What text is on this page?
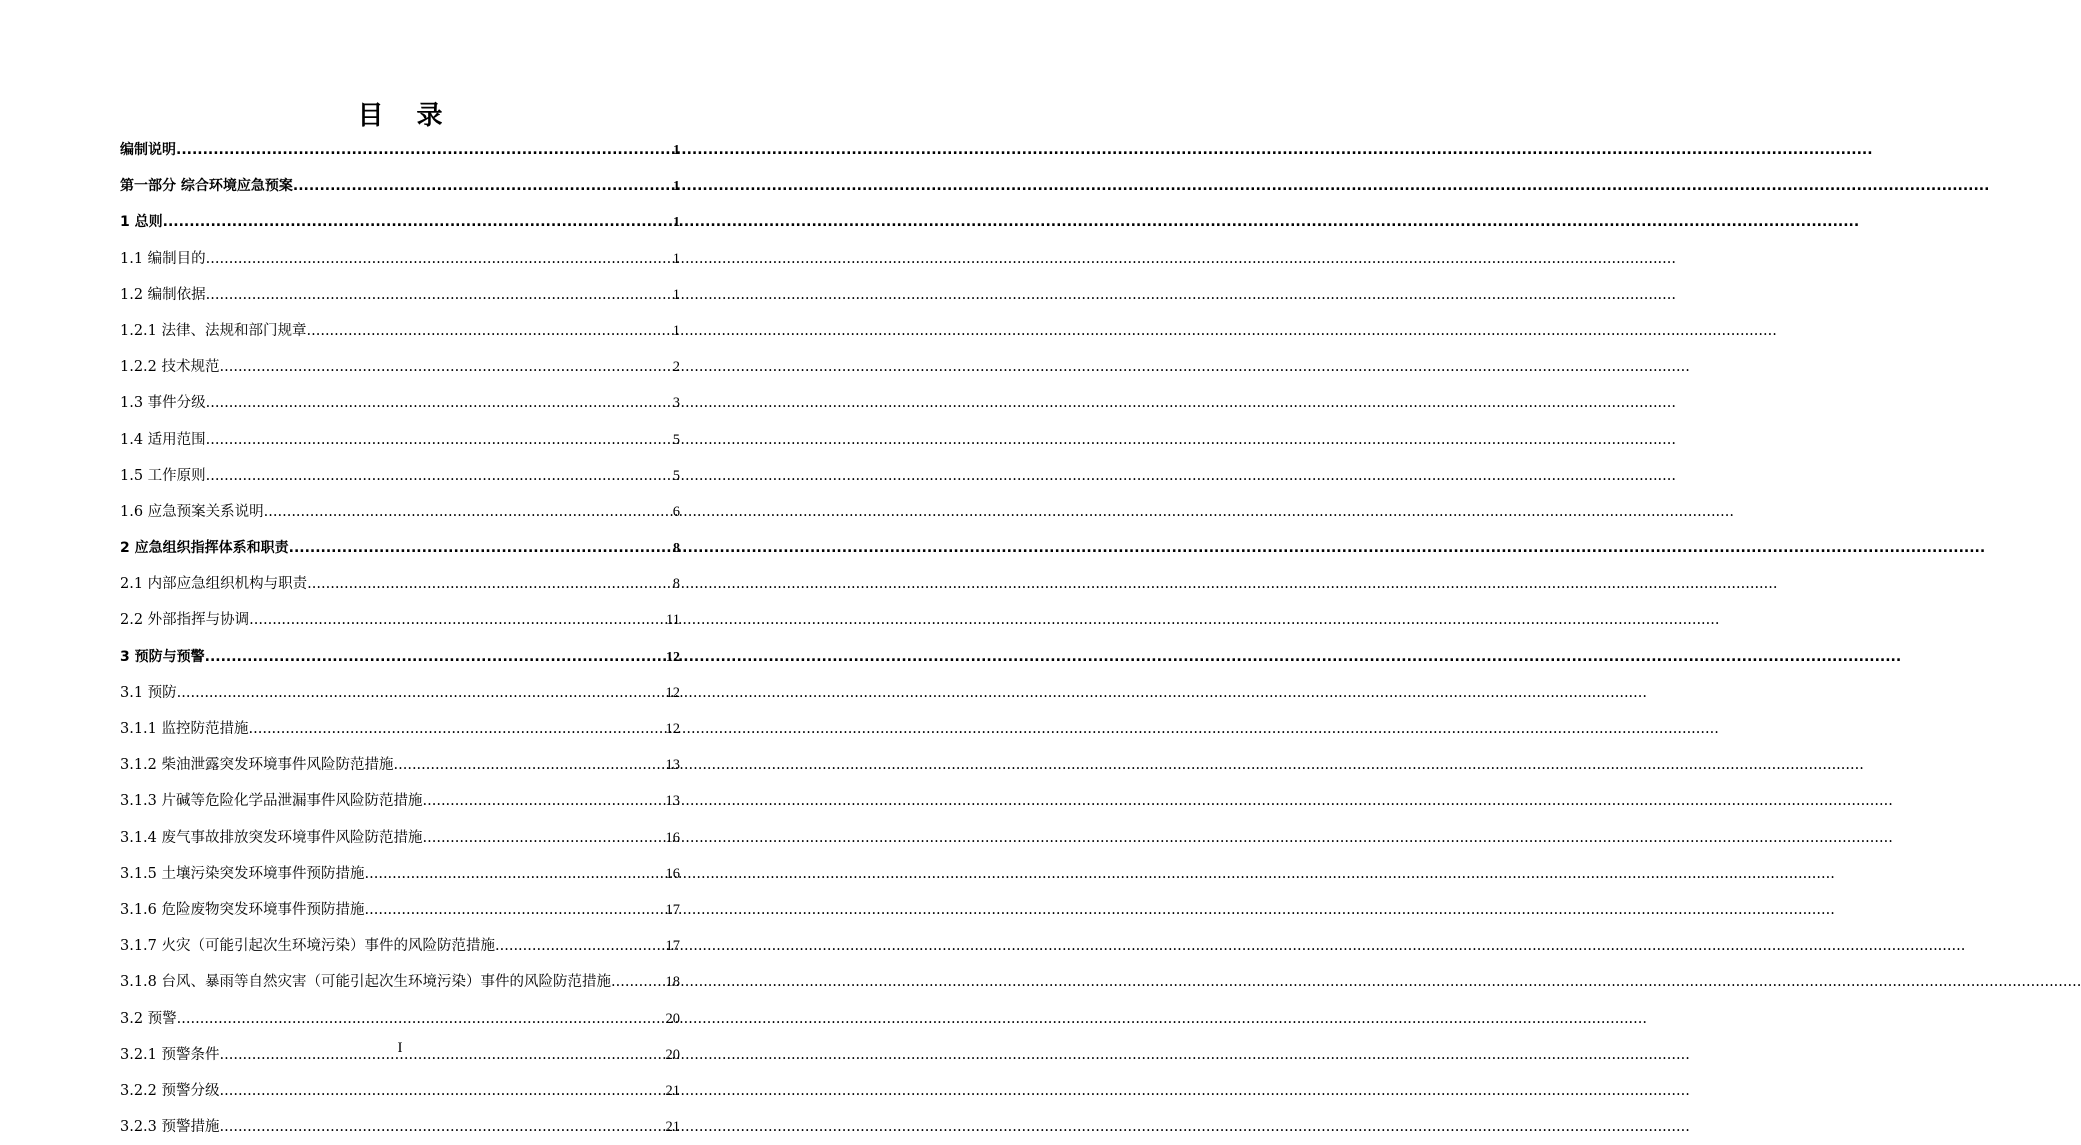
目 录
编制说明 .....	1
第一部分 综合环境应急预案 .....	1
1 总则 .....	1
1.1 编制目的 .....	1
1.2 编制依据 .....	1
1.2.1 法律、法规和部门规章 .....	1
1.2.2 技术规范 .....	2
1.3 事件分级 .....	3
1.4 适用范围 .....	5
1.5 工作原则 .....	5
1.6 应急预案关系说明 .....	6
2 应急组织指挥体系和职责 .....	8
2.1 内部应急组织机构与职责 .....	8
2.2 外部指挥与协调 .....	11
3 预防与预警 .....	12
3.1 预防 .....	12
3.1.1 监控防范措施 .....	12
3.1.2 柴油泄露突发环境事件风险防范措施 .....	13
3.1.3 片碱等危险化学品泄漏事件风险防范措施 .....	13
3.1.4 废气事故排放突发环境事件风险防范措施 .....	16
3.1.5 土壤污染突发环境事件预防措施 .....	16
3.1.6 危险废物突发环境事件预防措施 .....	17
3.1.7 火灾（可能引起次生环境污染）事件的风险防范措施 .....	17
3.1.8 台风、暴雨等自然灾害（可能引起次生环境污染）事件的风险防范措施 .....	18
3.2 预警 .....	20
3.2.1 预警条件 .....	20
3.2.2 预警分级 .....	21
3.2.3 预警措施 .....	21
I
